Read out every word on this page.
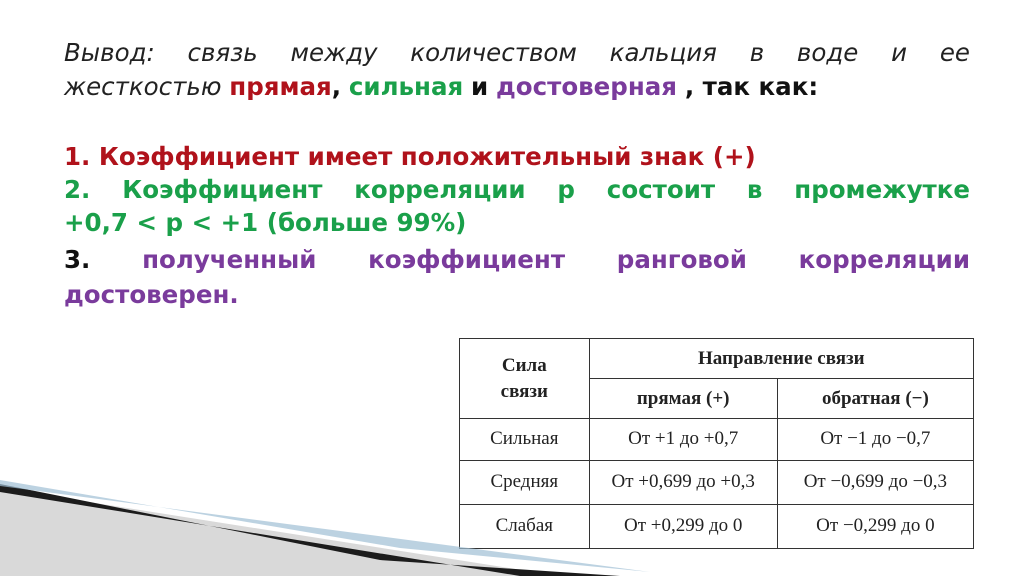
Вывод: связь между количеством кальция в воде и ее
жесткостью прямая, сильная и достоверная , так как:
1. Коэффициент имеет положительный знак (+)
2. Коэффициент корреляции р состоит в промежутке
+0,7 < р < +1 (больше 99%)
3. полученный коэффициент ранговой корреляции
достоверен.
Сила связи	Направление связи	
	прямая (+)	обратная (−)
Сильная	От +1 до +0,7	От −1 до −0,7
Средняя	От +0,699 до +0,3	От −0,699 до −0,3
Слабая	От +0,299 до 0	От −0,299 до 0
